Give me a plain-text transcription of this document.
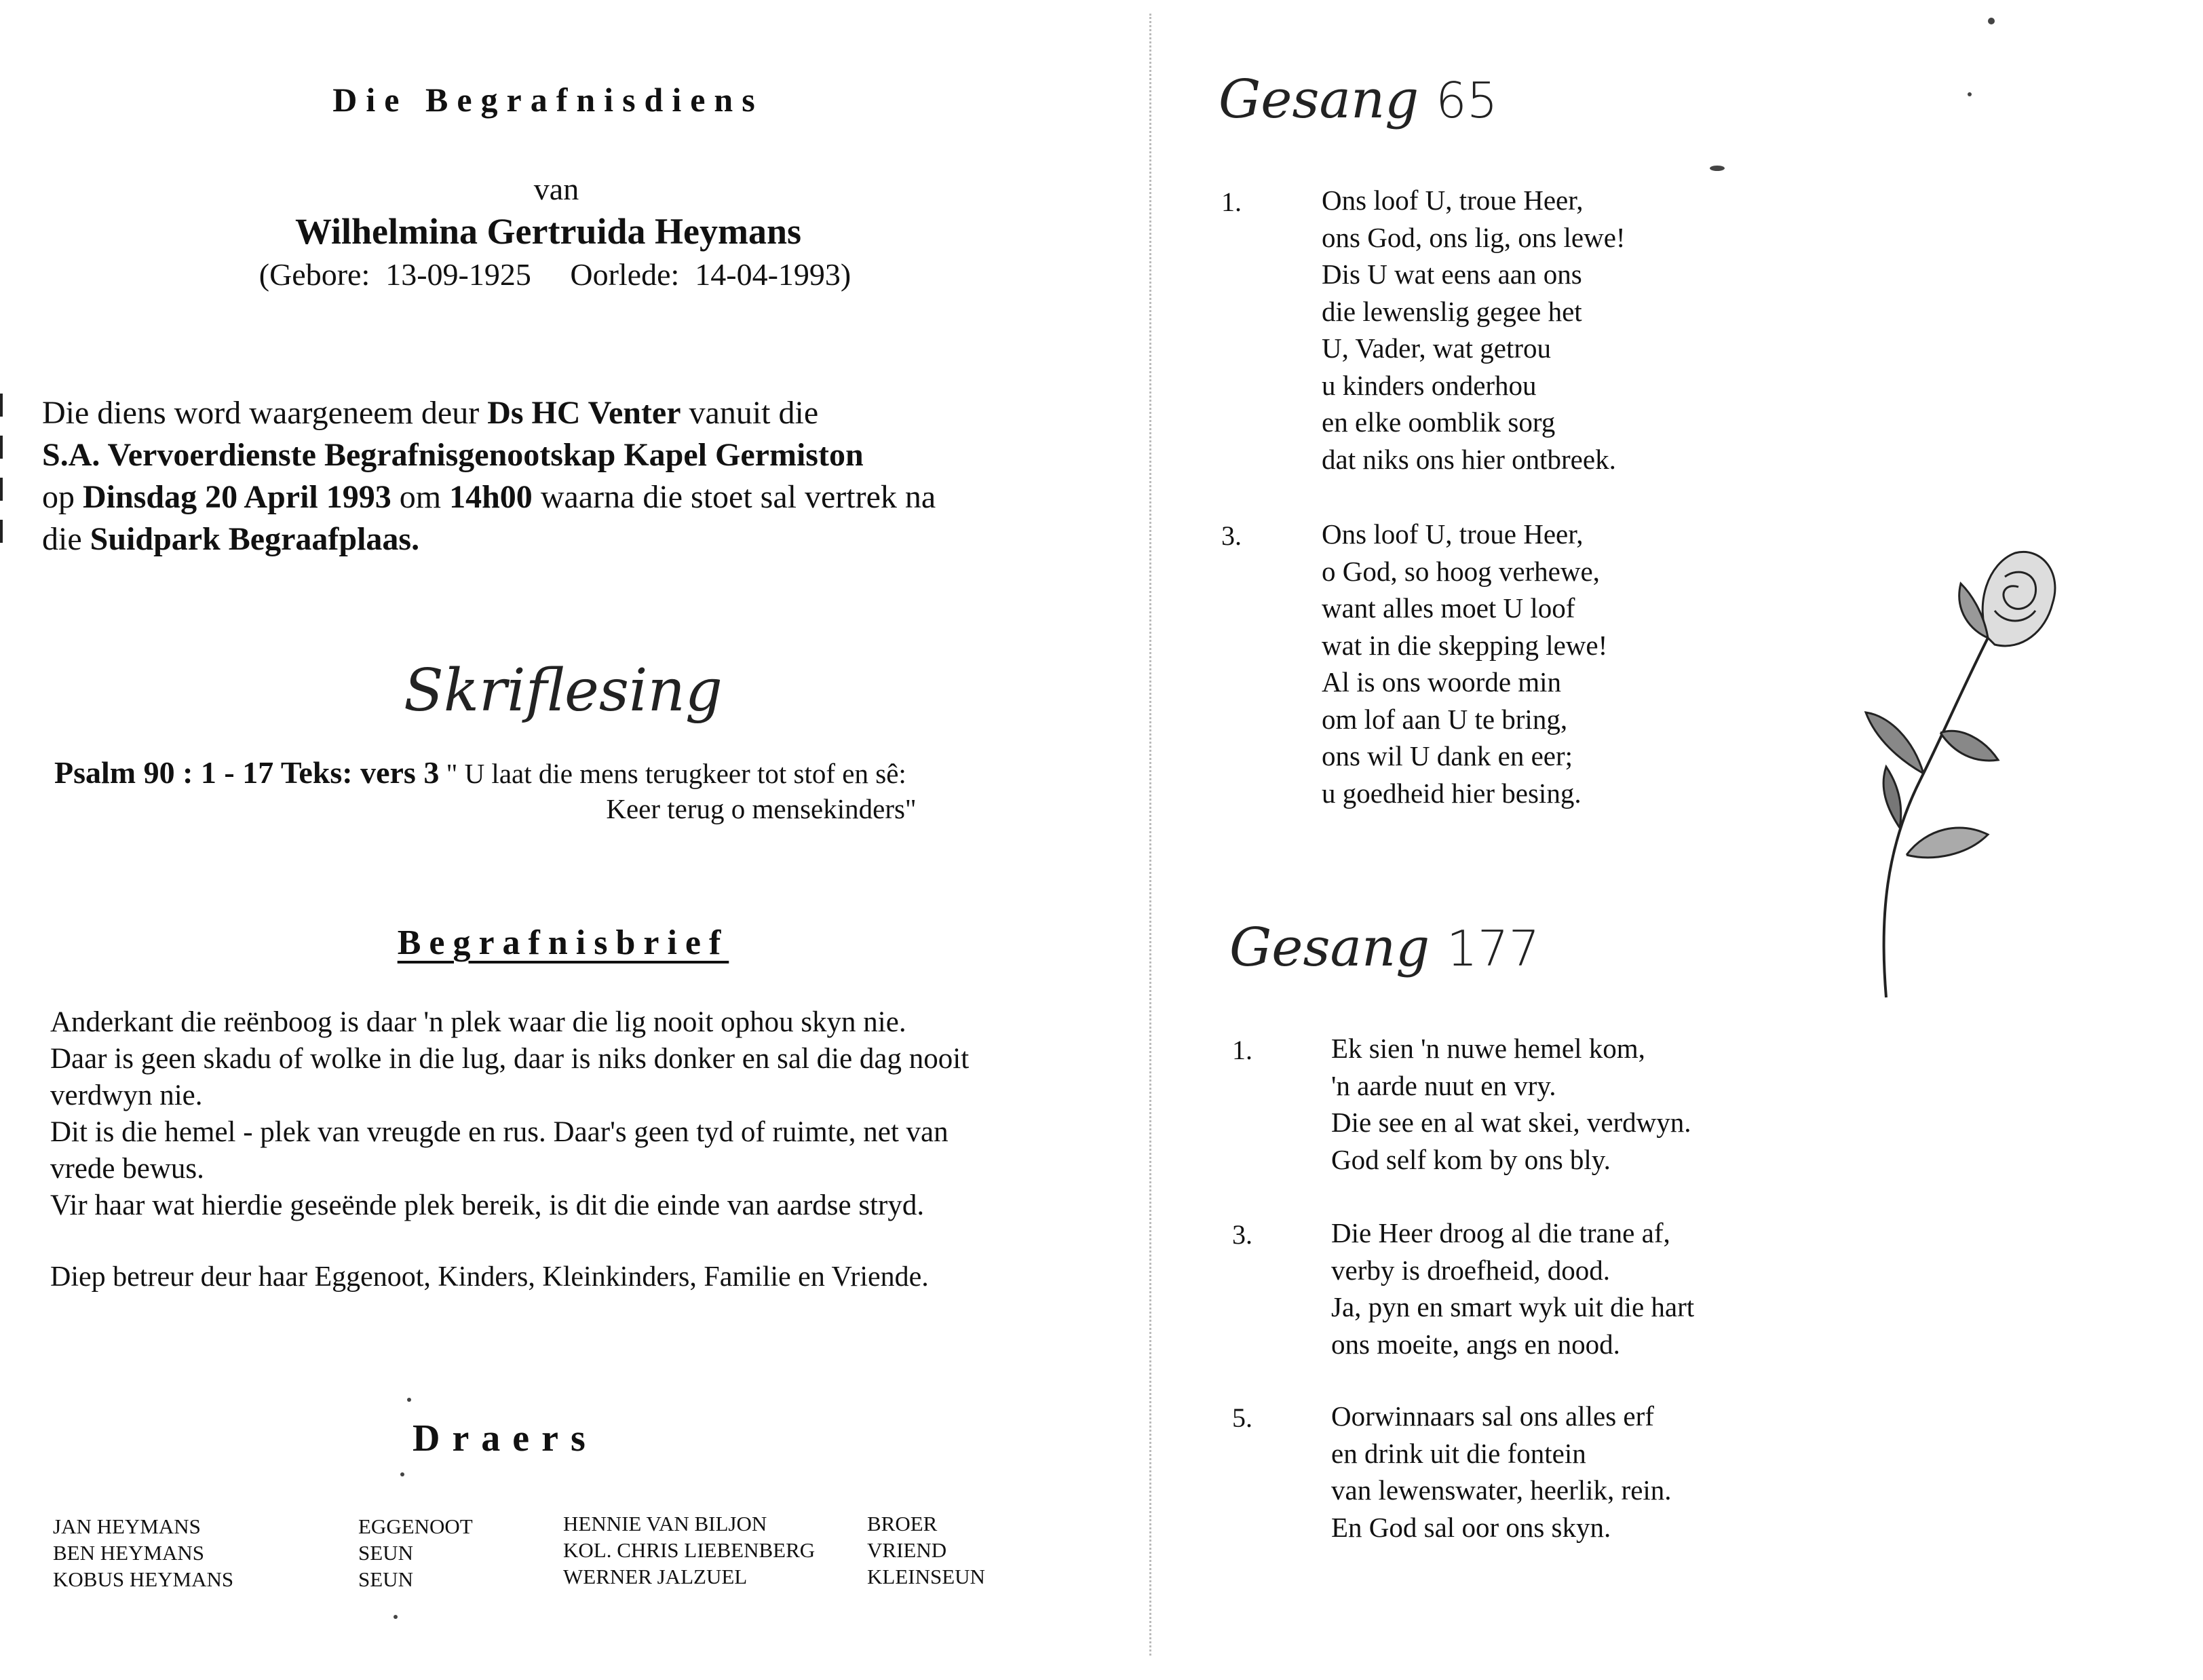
Die Begrafnisdiens
van
Wilhelmina Gertruida Heymans
(Gebore:  13-09-1925     Oorlede:  14-04-1993)
Die diens word waargeneem deur Ds HC Venter vanuit die
S.A. Vervoerdienste Begrafnisgenootskap Kapel Germiston
op Dinsdag 20 April 1993 om 14h00 waarna die stoet sal vertrek na
die Suidpark Begraafplaas.
Skriflesing
Psalm 90 : 1 - 17 Teks: vers 3 " U laat die mens terugkeer tot stof en sê:
Keer terug o mensekinders"
Begrafnisbrief
Anderkant die reënboog is daar 'n plek waar die lig nooit ophou skyn nie.
Daar is geen skadu of wolke in die lug, daar is niks donker en sal die dag nooit
verdwyn nie.
Dit is die hemel - plek van vreugde en rus. Daar's geen tyd of ruimte, net van
vrede bewus.
Vir haar wat hierdie geseënde plek bereik, is dit die einde van aardse stryd.
Diep betreur deur haar Eggenoot, Kinders, Kleinkinders, Familie en Vriende.
Draers
JAN HEYMANS	EGGENOOT
BEN HEYMANS	SEUN
KOBUS HEYMANS	SEUN
HENNIE VAN BILJON	BROER
KOL. CHRIS LIEBENBERG	VRIEND
WERNER JALZUEL	KLEINSEUN
Gesang 65
1.	Ons loof U, troue Heer,
ons God, ons lig, ons lewe!
Dis U wat eens aan ons
die lewenslig gegee het
U, Vader, wat getrou
u kinders onderhou
en elke oomblik sorg
dat niks ons hier ontbreek.
3.	Ons loof U, troue Heer,
o God, so hoog verhewe,
want alles moet U loof
wat in die skepping lewe!
Al is ons woorde min
om lof aan U te bring,
ons wil U dank en eer;
u goedheid hier besing.
Gesang 177
1.	Ek sien 'n nuwe hemel kom,
'n aarde nuut en vry.
Die see en al wat skei, verdwyn.
God self kom by ons bly.
3.	Die Heer droog al die trane af,
verby is droefheid, dood.
Ja, pyn en smart wyk uit die hart
ons moeite, angs en nood.
5.	Oorwinnaars sal ons alles erf
en drink uit die fontein
van lewenswater, heerlik, rein.
En God sal oor ons skyn.
